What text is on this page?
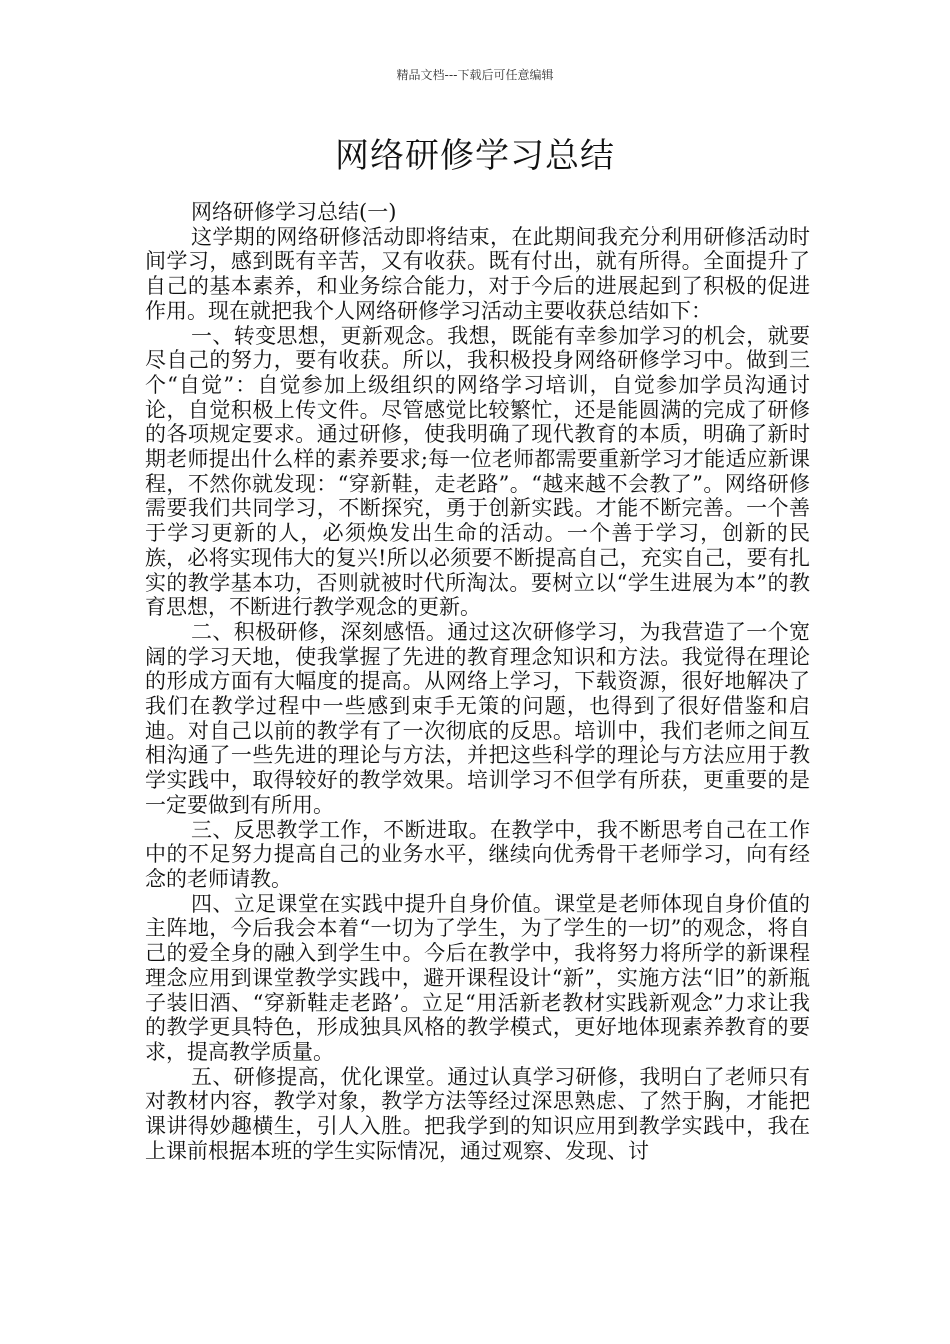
精品文档---下载后可任意编辑
网络研修学习总结
网络研修学习总结(一)

这学期的网络研修活动即将结束，在此期间我充分利用研修活动时间学习，感到既有辛苦，又有收获。既有付出，就有所得。全面提升了自己的基本素养，和业务综合能力，对于今后的进展起到了积极的促进作用。现在就把我个人网络研修学习活动主要收获总结如下：

一、转变思想，更新观念。我想，既能有幸参加学习的机会，就要尽自己的努力，要有收获。所以，我积极投身网络研修学习中。做到三个“自觉”：自觉参加上级组织的网络学习培训，自觉参加学员沟通讨论，自觉积极上传文件。尽管感觉比较繁忙，还是能圆满的完成了研修的各项规定要求。通过研修，使我明确了现代教育的本质，明确了新时期老师提出什么样的素养要求;每一位老师都需要重新学习才能适应新课程，不然你就发现：“穿新鞋，走老路”。“越来越不会教了”。网络研修需要我们共同学习，不断探究，勇于创新实践。才能不断完善。一个善于学习更新的人，必须焕发出生命的活动。一个善于学习，创新的民族，必将实现伟大的复兴!所以必须要不断提高自己，充实自己，要有扎实的教学基本功，否则就被时代所淘汰。要树立以“学生进展为本”的教育思想，不断进行教学观念的更新。

二、积极研修，深刻感悟。通过这次研修学习，为我营造了一个宽阔的学习天地，使我掌握了先进的教育理念知识和方法。我觉得在理论的形成方面有大幅度的提高。从网络上学习，下载资源，很好地解决了我们在教学过程中一些感到束手无策的问题，也得到了很好借鉴和启迪。对自己以前的教学有了一次彻底的反思。培训中，我们老师之间互相沟通了一些先进的理论与方法，并把这些科学的理论与方法应用于教学实践中，取得较好的教学效果。培训学习不但学有所获，更重要的是一定要做到有所用。

三、反思教学工作，不断进取。在教学中，我不断思考自己在工作中的不足努力提高自己的业务水平，继续向优秀骨干老师学习，向有经念的老师请教。

四、立足课堂在实践中提升自身价值。课堂是老师体现自身价值的主阵地，今后我会本着“一切为了学生，为了学生的一切”的观念，将自己的爱全身的融入到学生中。今后在教学中，我将努力将所学的新课程理念应用到课堂教学实践中，避开课程设计“新”，实施方法“旧”的新瓶子装旧酒、“穿新鞋走老路’。立足“用活新老教材实践新观念”力求让我的教学更具特色，形成独具风格的教学模式，更好地体现素养教育的要求，提高教学质量。

五、研修提高，优化课堂。通过认真学习研修，我明白了老师只有对教材内容，教学对象，教学方法等经过深思熟虑、了然于胸，才能把课讲得妙趣横生，引人入胜。把我学到的知识应用到教学实践中，我在上课前根据本班的学生实际情况，通过观察、发现、讨
